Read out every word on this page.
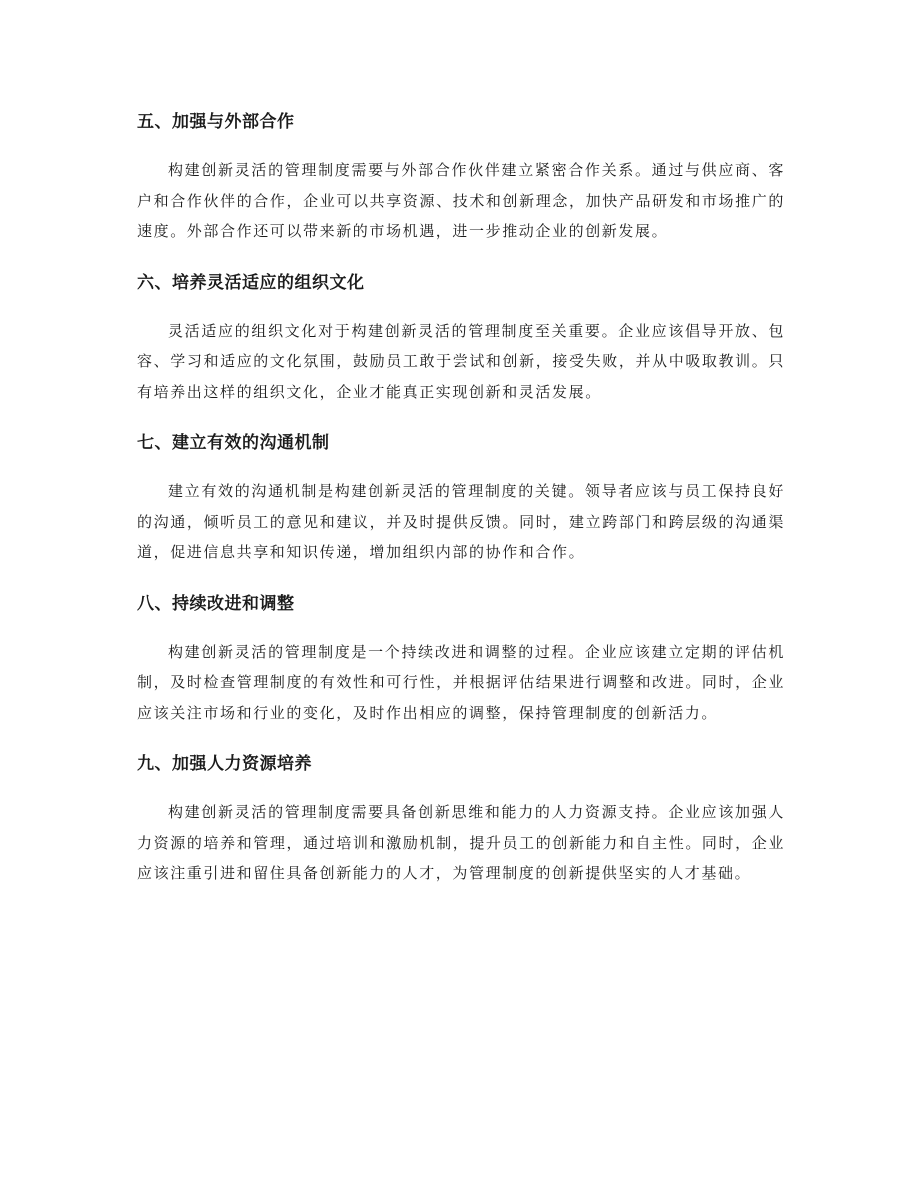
五、加强与外部合作

构建创新灵活的管理制度需要与外部合作伙伴建立紧密合作关系。通过与供应商、客户和合作伙伴的合作，企业可以共享资源、技术和创新理念，加快产品研发和市场推广的速度。外部合作还可以带来新的市场机遇，进一步推动企业的创新发展。

六、培养灵活适应的组织文化

灵活适应的组织文化对于构建创新灵活的管理制度至关重要。企业应该倡导开放、包容、学习和适应的文化氛围，鼓励员工敢于尝试和创新，接受失败，并从中吸取教训。只有培养出这样的组织文化，企业才能真正实现创新和灵活发展。

七、建立有效的沟通机制

建立有效的沟通机制是构建创新灵活的管理制度的关键。领导者应该与员工保持良好的沟通，倾听员工的意见和建议，并及时提供反馈。同时，建立跨部门和跨层级的沟通渠道，促进信息共享和知识传递，增加组织内部的协作和合作。

八、持续改进和调整

构建创新灵活的管理制度是一个持续改进和调整的过程。企业应该建立定期的评估机制，及时检查管理制度的有效性和可行性，并根据评估结果进行调整和改进。同时，企业应该关注市场和行业的变化，及时作出相应的调整，保持管理制度的创新活力。

九、加强人力资源培养

构建创新灵活的管理制度需要具备创新思维和能力的人力资源支持。企业应该加强人力资源的培养和管理，通过培训和激励机制，提升员工的创新能力和自主性。同时，企业应该注重引进和留住具备创新能力的人才，为管理制度的创新提供坚实的人才基础。
